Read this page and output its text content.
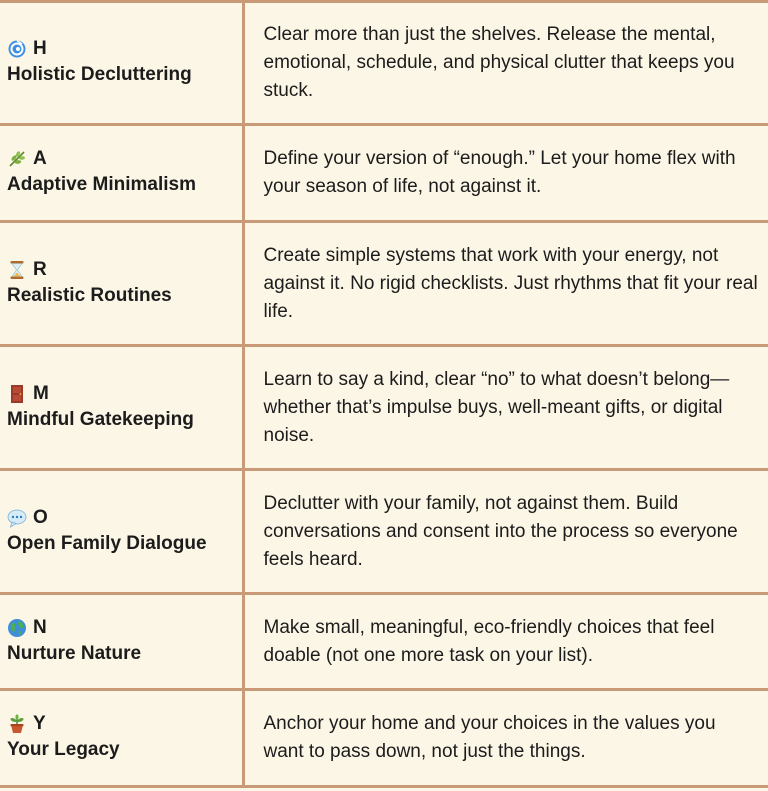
H
Holistic Decluttering	Clear more than just the shelves. Release the mental, emotional, schedule, and physical clutter that keeps you stuck.

A
Adaptive Minimalism	Define your version of “enough.” Let your home flex with your season of life, not against it.

R
Realistic Routines	Create simple systems that work with your energy, not against it. No rigid checklists. Just rhythms that fit your real life.

M
Mindful Gatekeeping	Learn to say a kind, clear “no” to what doesn’t belong—whether that’s impulse buys, well-meant gifts, or digital noise.

O
Open Family Dialogue	Declutter with your family, not against them. Build conversations and consent into the process so everyone feels heard.

N
Nurture Nature	Make small, meaningful, eco-friendly choices that feel doable (not one more task on your list).

Y
Your Legacy	Anchor your home and your choices in the values you want to pass down, not just the things.
